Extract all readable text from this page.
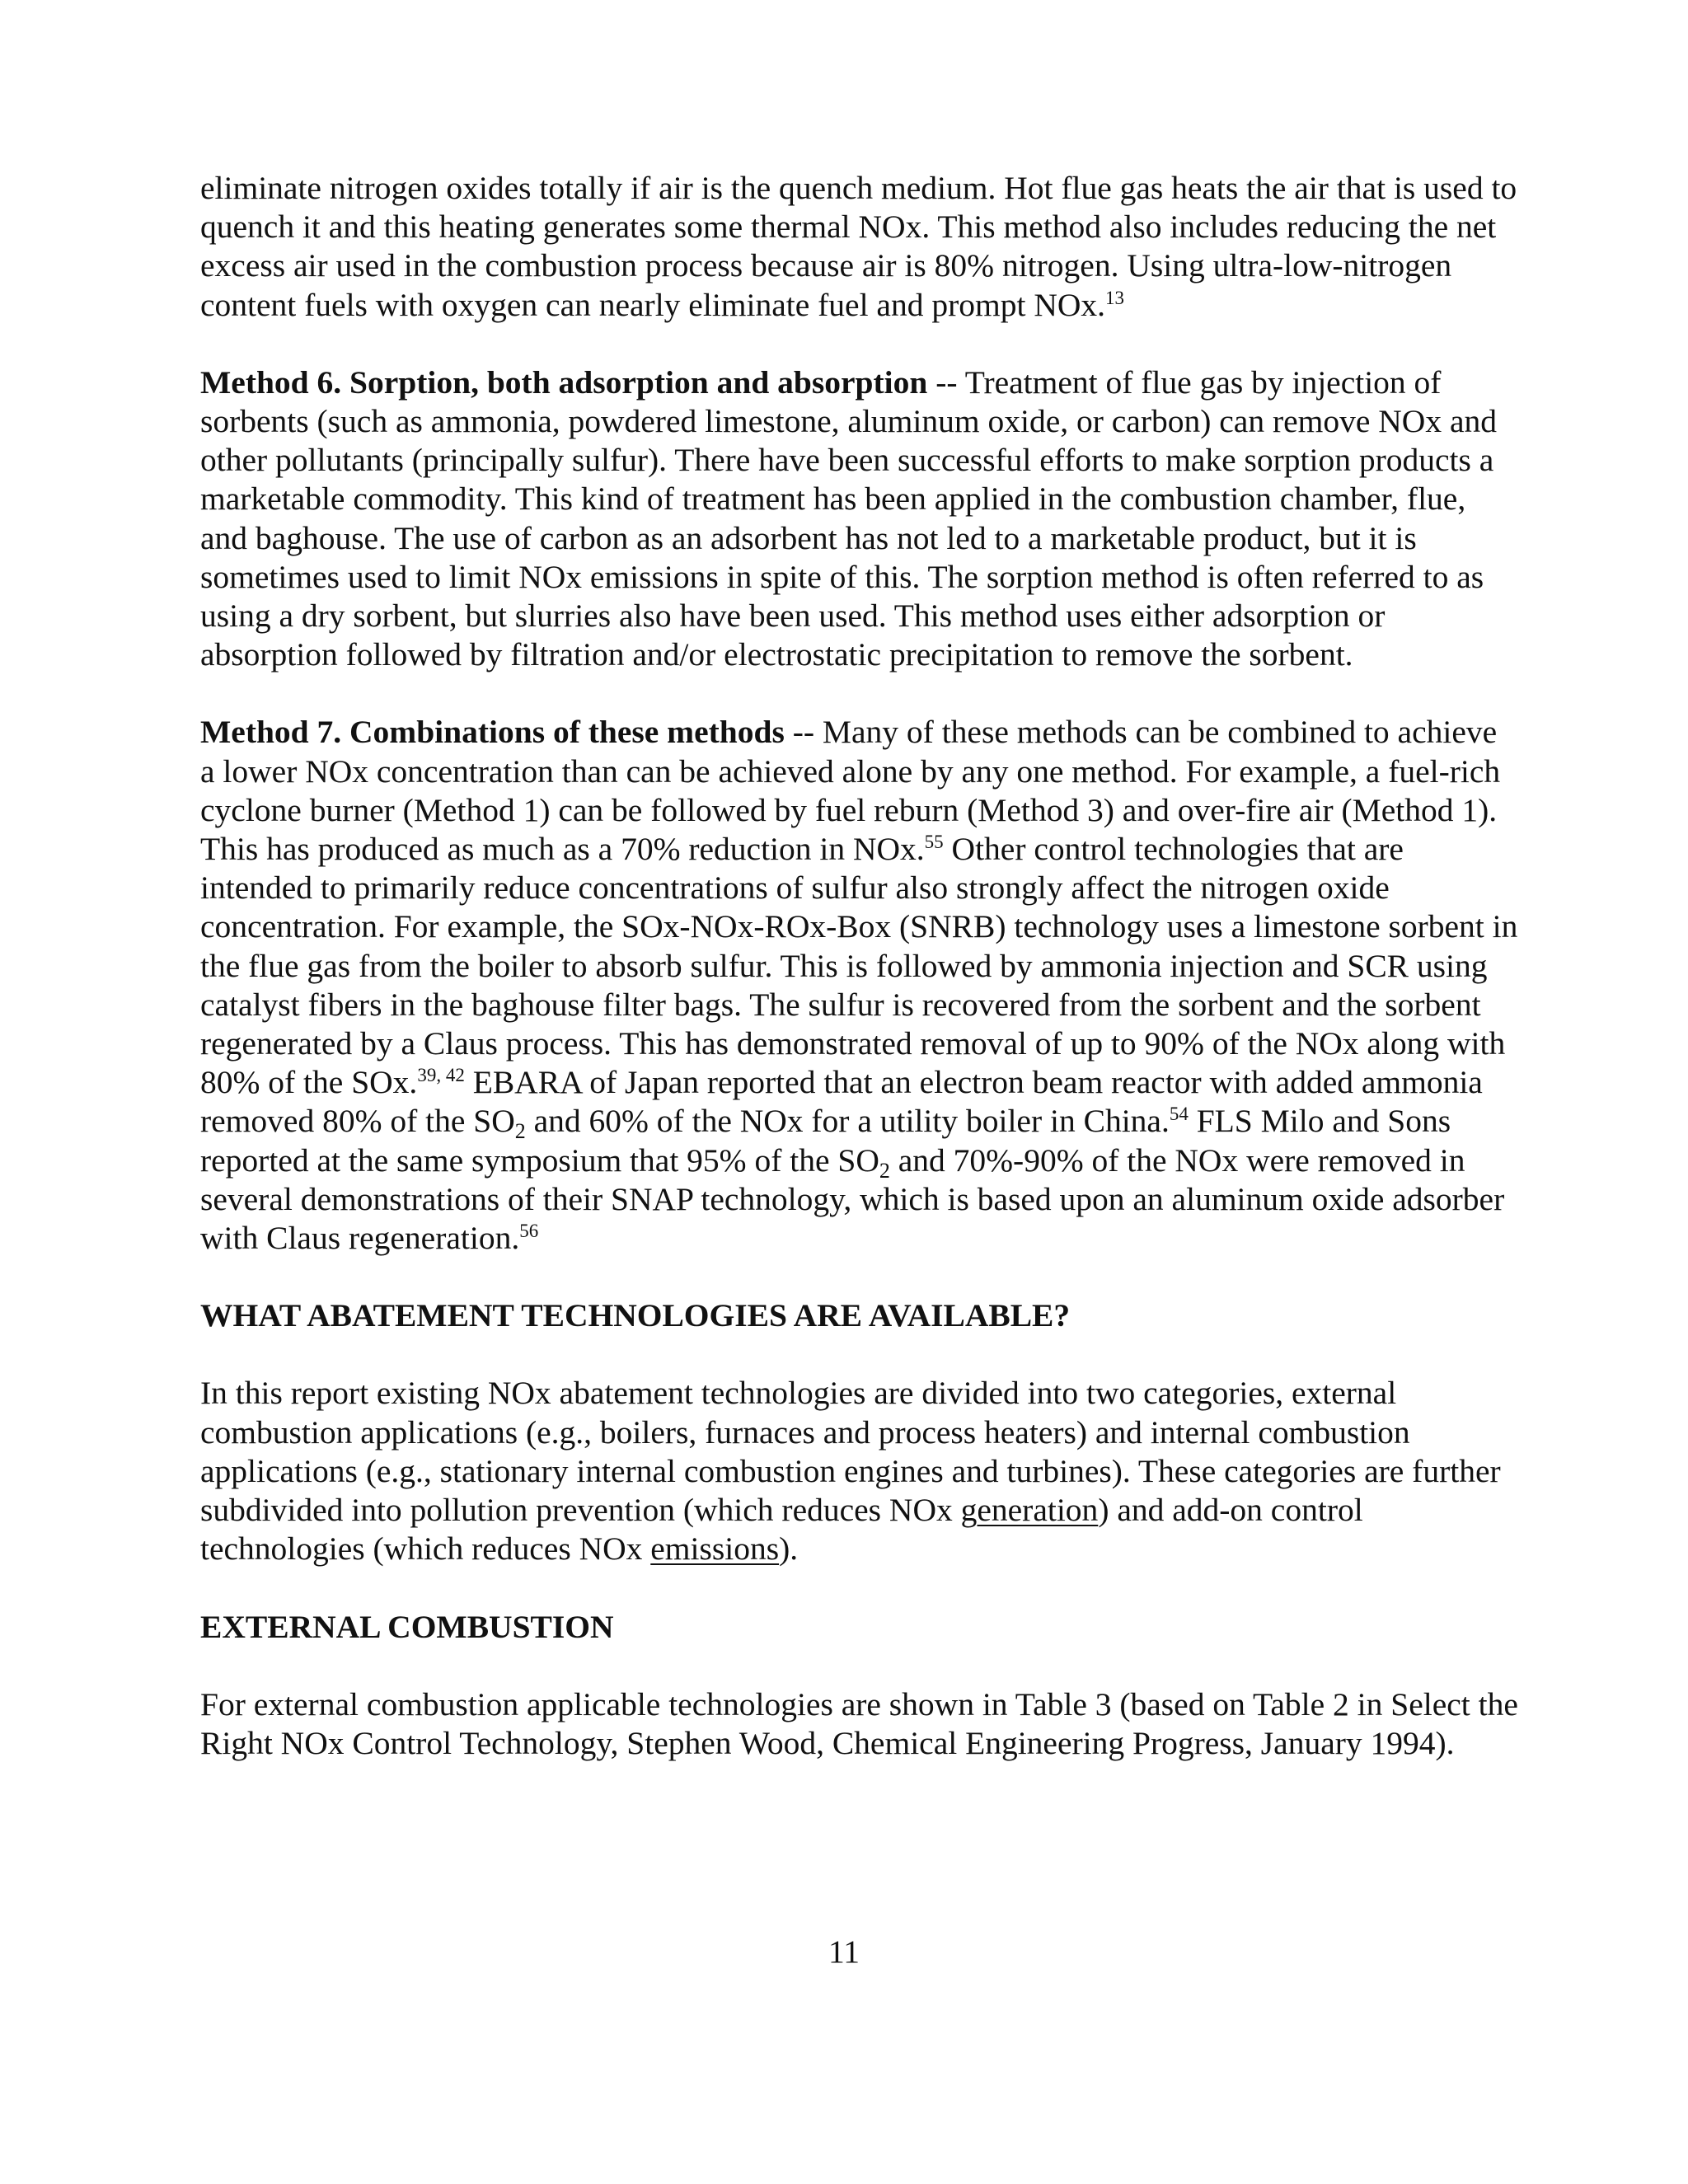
eliminate nitrogen oxides totally if air is the quench medium. Hot flue gas heats the air that is used to quench it and this heating generates some thermal NOx. This method also includes reducing the net excess air used in the combustion process because air is 80% nitrogen. Using ultra-low-nitrogen content fuels with oxygen can nearly eliminate fuel and prompt NOx.$^{13}$

Method 6. Sorption, both adsorption and absorption -- Treatment of flue gas by injection of sorbents (such as ammonia, powdered limestone, aluminum oxide, or carbon) can remove NOx and other pollutants (principally sulfur). There have been successful efforts to make sorption products a marketable commodity. This kind of treatment has been applied in the combustion chamber, flue, and baghouse. The use of carbon as an adsorbent has not led to a marketable product, but it is sometimes used to limit NOx emissions in spite of this. The sorption method is often referred to as using a dry sorbent, but slurries also have been used. This method uses either adsorption or absorption followed by filtration and/or electrostatic precipitation to remove the sorbent.

Method 7. Combinations of these methods -- Many of these methods can be combined to achieve a lower NOx concentration than can be achieved alone by any one method. For example, a fuel-rich cyclone burner (Method 1) can be followed by fuel reburn (Method 3) and over-fire air (Method 1). This has produced as much as a 70% reduction in NOx.$^{55}$ Other control technologies that are intended to primarily reduce concentrations of sulfur also strongly affect the nitrogen oxide concentration. For example, the SOx-NOx-ROx-Box (SNRB) technology uses a limestone sorbent in the flue gas from the boiler to absorb sulfur. This is followed by ammonia injection and SCR using catalyst fibers in the baghouse filter bags. The sulfur is recovered from the sorbent and the sorbent regenerated by a Claus process. This has demonstrated removal of up to 90% of the NOx along with 80% of the SOx.$^{39, 42}$ EBARA of Japan reported that an electron beam reactor with added ammonia removed 80% of the $SO_2$ and 60% of the NOx for a utility boiler in China.$^{54}$ FLS Milo and Sons reported at the same symposium that 95% of the $SO_2$ and 70%-90% of the NOx were removed in several demonstrations of their SNAP technology, which is based upon an aluminum oxide adsorber with Claus regeneration.$^{56}$

WHAT ABATEMENT TECHNOLOGIES ARE AVAILABLE?

In this report existing NOx abatement technologies are divided into two categories, external combustion applications (e.g., boilers, furnaces and process heaters) and internal combustion applications (e.g., stationary internal combustion engines and turbines). These categories are further subdivided into pollution prevention (which reduces NOx generation) and add-on control technologies (which reduces NOx emissions).

EXTERNAL COMBUSTION

For external combustion applicable technologies are shown in Table 3 (based on Table 2 in Select the Right NOx Control Technology, Stephen Wood, Chemical Engineering Progress, January 1994).

11
